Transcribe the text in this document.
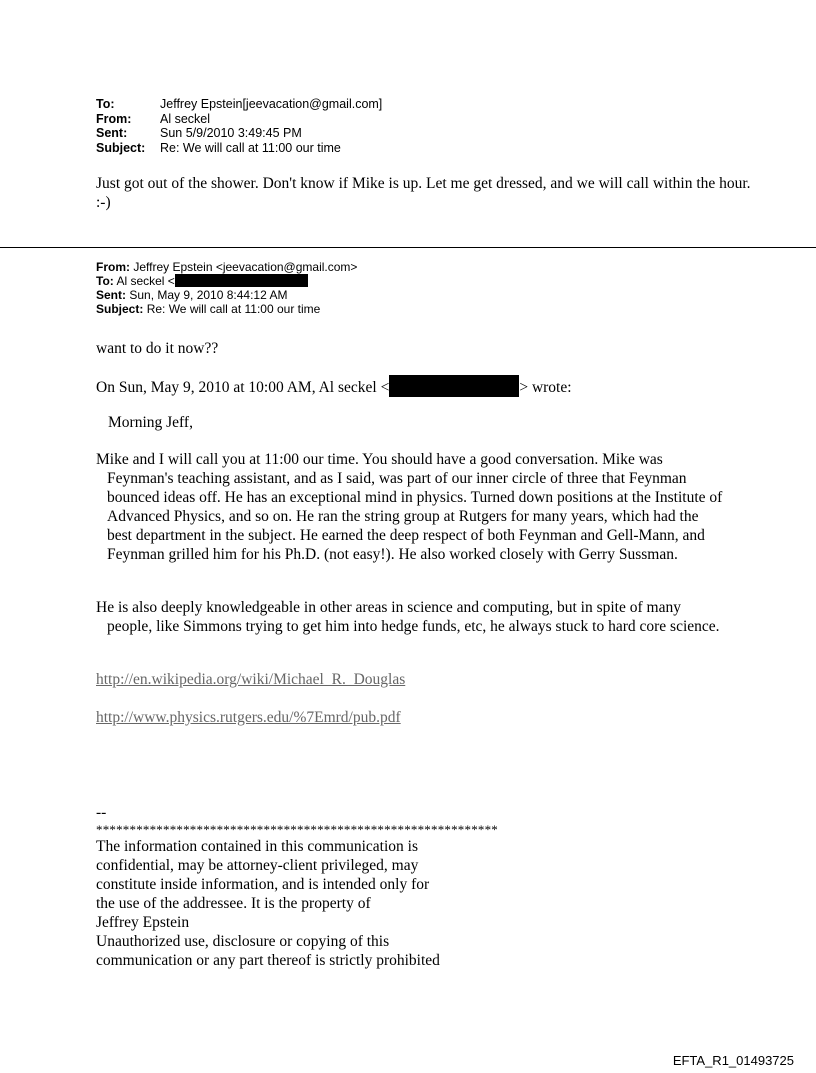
To:	Jeffrey Epstein[jeevacation@gmail.com]
From:	Al seckel
Sent:	Sun 5/9/2010 3:49:45 PM
Subject:	Re: We will call at 11:00 our time
Just got out of the shower. Don't know if Mike is up. Let me get dressed, and we will call within the hour. :-)
From: Jeffrey Epstein <jeevacation@gmail.com>
To: Al seckel <
Sent: Sun, May 9, 2010 8:44:12 AM
Subject: Re: We will call at 11:00 our time
want to do it now??
On Sun, May 9, 2010 at 10:00 AM, Al seckel <	> wrote:
Morning Jeff,
Mike and I will call you at 11:00 our time. You should have a good conversation. Mike was Feynman's teaching assistant, and as I said, was part of our inner circle of three that Feynman bounced ideas off. He has an exceptional mind in physics. Turned down positions at the Institute of Advanced Physics, and so on. He ran the string group at Rutgers for many years, which had the best department in the subject. He earned the deep respect of both Feynman and Gell-Mann, and Feynman grilled him for his Ph.D. (not easy!). He also worked closely with Gerry Sussman.
He is also deeply knowledgeable in other areas in science and computing, but in spite of many people, like Simmons trying to get him into hedge funds, etc, he always stuck to hard core science.
http://en.wikipedia.org/wiki/Michael_R._Douglas
http://www.physics.rutgers.edu/%7Emrd/pub.pdf
--
************************************************************
The information contained in this communication is
confidential, may be attorney-client privileged, may
constitute inside information, and is intended only for
the use of the addressee. It is the property of
Jeffrey Epstein
Unauthorized use, disclosure or copying of this
communication or any part thereof is strictly prohibited
EFTA_R1_01493725
